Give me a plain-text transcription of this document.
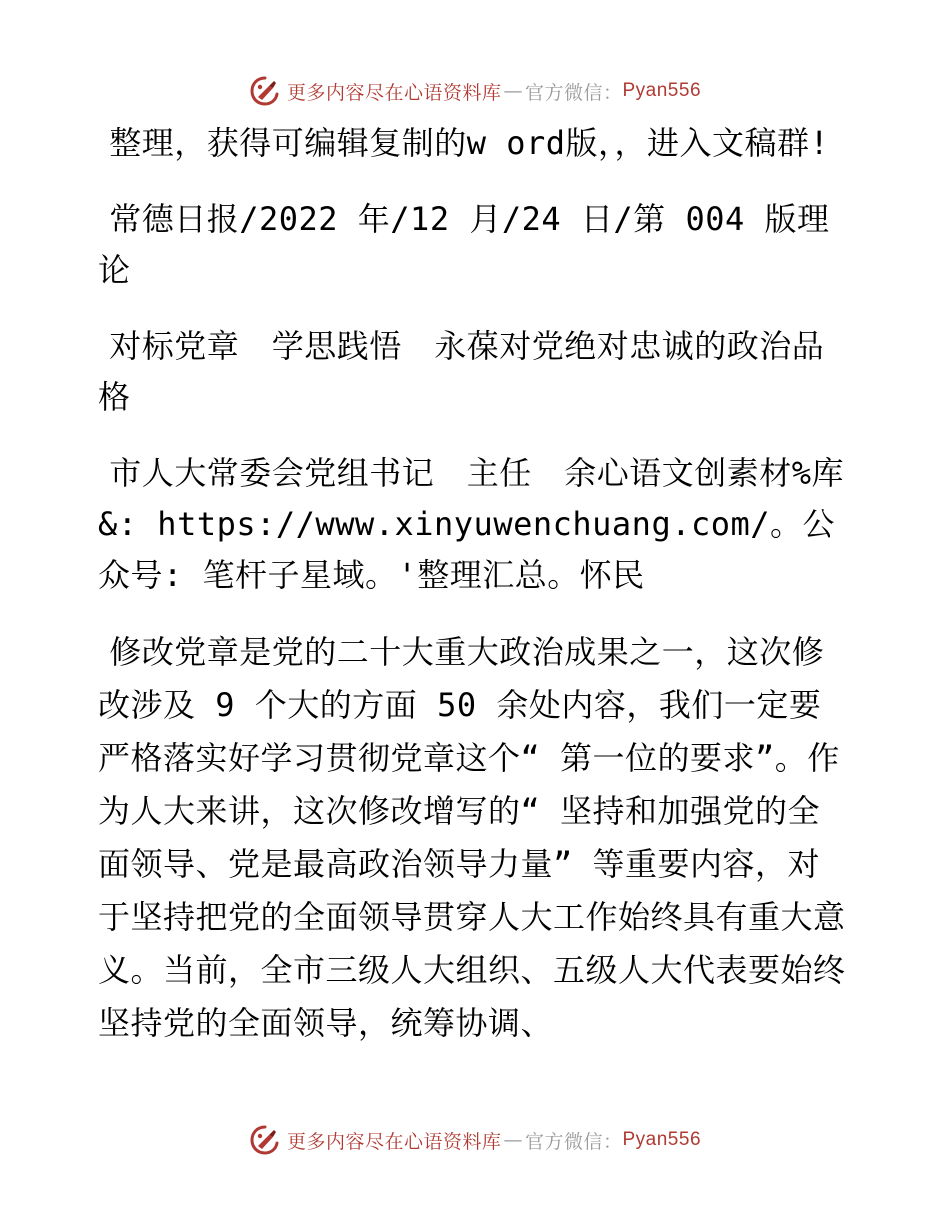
更多内容尽在心语资料库 — 官方微信： Pyan556

整理，获得可编辑复制的w ord版，，进入文稿群!

常德日报/2022 年/12 月/24 日/第 004 版理论

对标党章　学思践悟　永葆对党绝对忠诚的政治品格

市人大常委会党组书记　主任　余心语文创素材%库&: https://www.xinyuwenchuang.com/。公众号: 笔杆子星域。'整理汇总。怀民

修改党章是党的二十大重大政治成果之一，这次修改涉及 9 个大的方面 50 余处内容，我们一定要严格落实好学习贯彻党章这个“ 第一位的要求”。作为人大来讲，这次修改增写的“ 坚持和加强党的全面领导、党是最高政治领导力量” 等重要内容，对于坚持把党的全面领导贯穿人大工作始终具有重大意义。当前，全市三级人大组织、五级人大代表要始终坚持党的全面领导，统筹协调、

更多内容尽在心语资料库 — 官方微信： Pyan556
